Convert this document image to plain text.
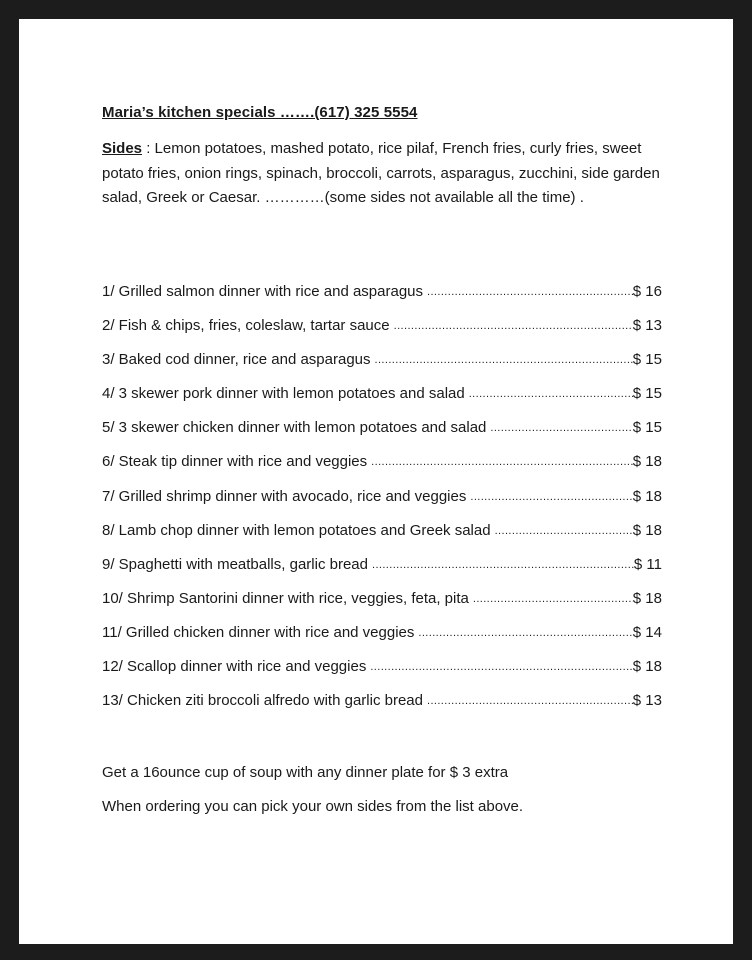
Maria’s kitchen specials …….(617) 325 5554
Sides : Lemon potatoes, mashed potato, rice pilaf, French fries, curly fries, sweet potato fries, onion rings, spinach, broccoli, carrots, asparagus, zucchini, side garden salad, Greek or Caesar. …………(some sides not available all the time) .
1/ Grilled salmon dinner with rice and asparagus .....	$ 16
2/ Fish & chips, fries, coleslaw, tartar sauce .....	$ 13
3/ Baked cod dinner, rice and asparagus .....	$ 15
4/ 3 skewer pork dinner with lemon potatoes and salad .....	$ 15
5/ 3 skewer chicken dinner with lemon potatoes and salad .....	$ 15
6/ Steak tip dinner with rice and veggies .....	$ 18
7/ Grilled shrimp dinner with avocado, rice and veggies .....	$ 18
8/ Lamb chop dinner with lemon potatoes and Greek salad .....	$ 18
9/ Spaghetti with meatballs, garlic bread .....	$ 11
10/ Shrimp Santorini dinner with rice, veggies, feta, pita .....	$ 18
11/ Grilled chicken dinner with rice and veggies .....	$ 14
12/ Scallop dinner with rice and veggies .....	$ 18
13/ Chicken ziti broccoli alfredo with garlic bread .....	$ 13
Get a 16ounce cup of soup with any dinner plate for $ 3 extra
When ordering you can pick your own sides from the list above.
